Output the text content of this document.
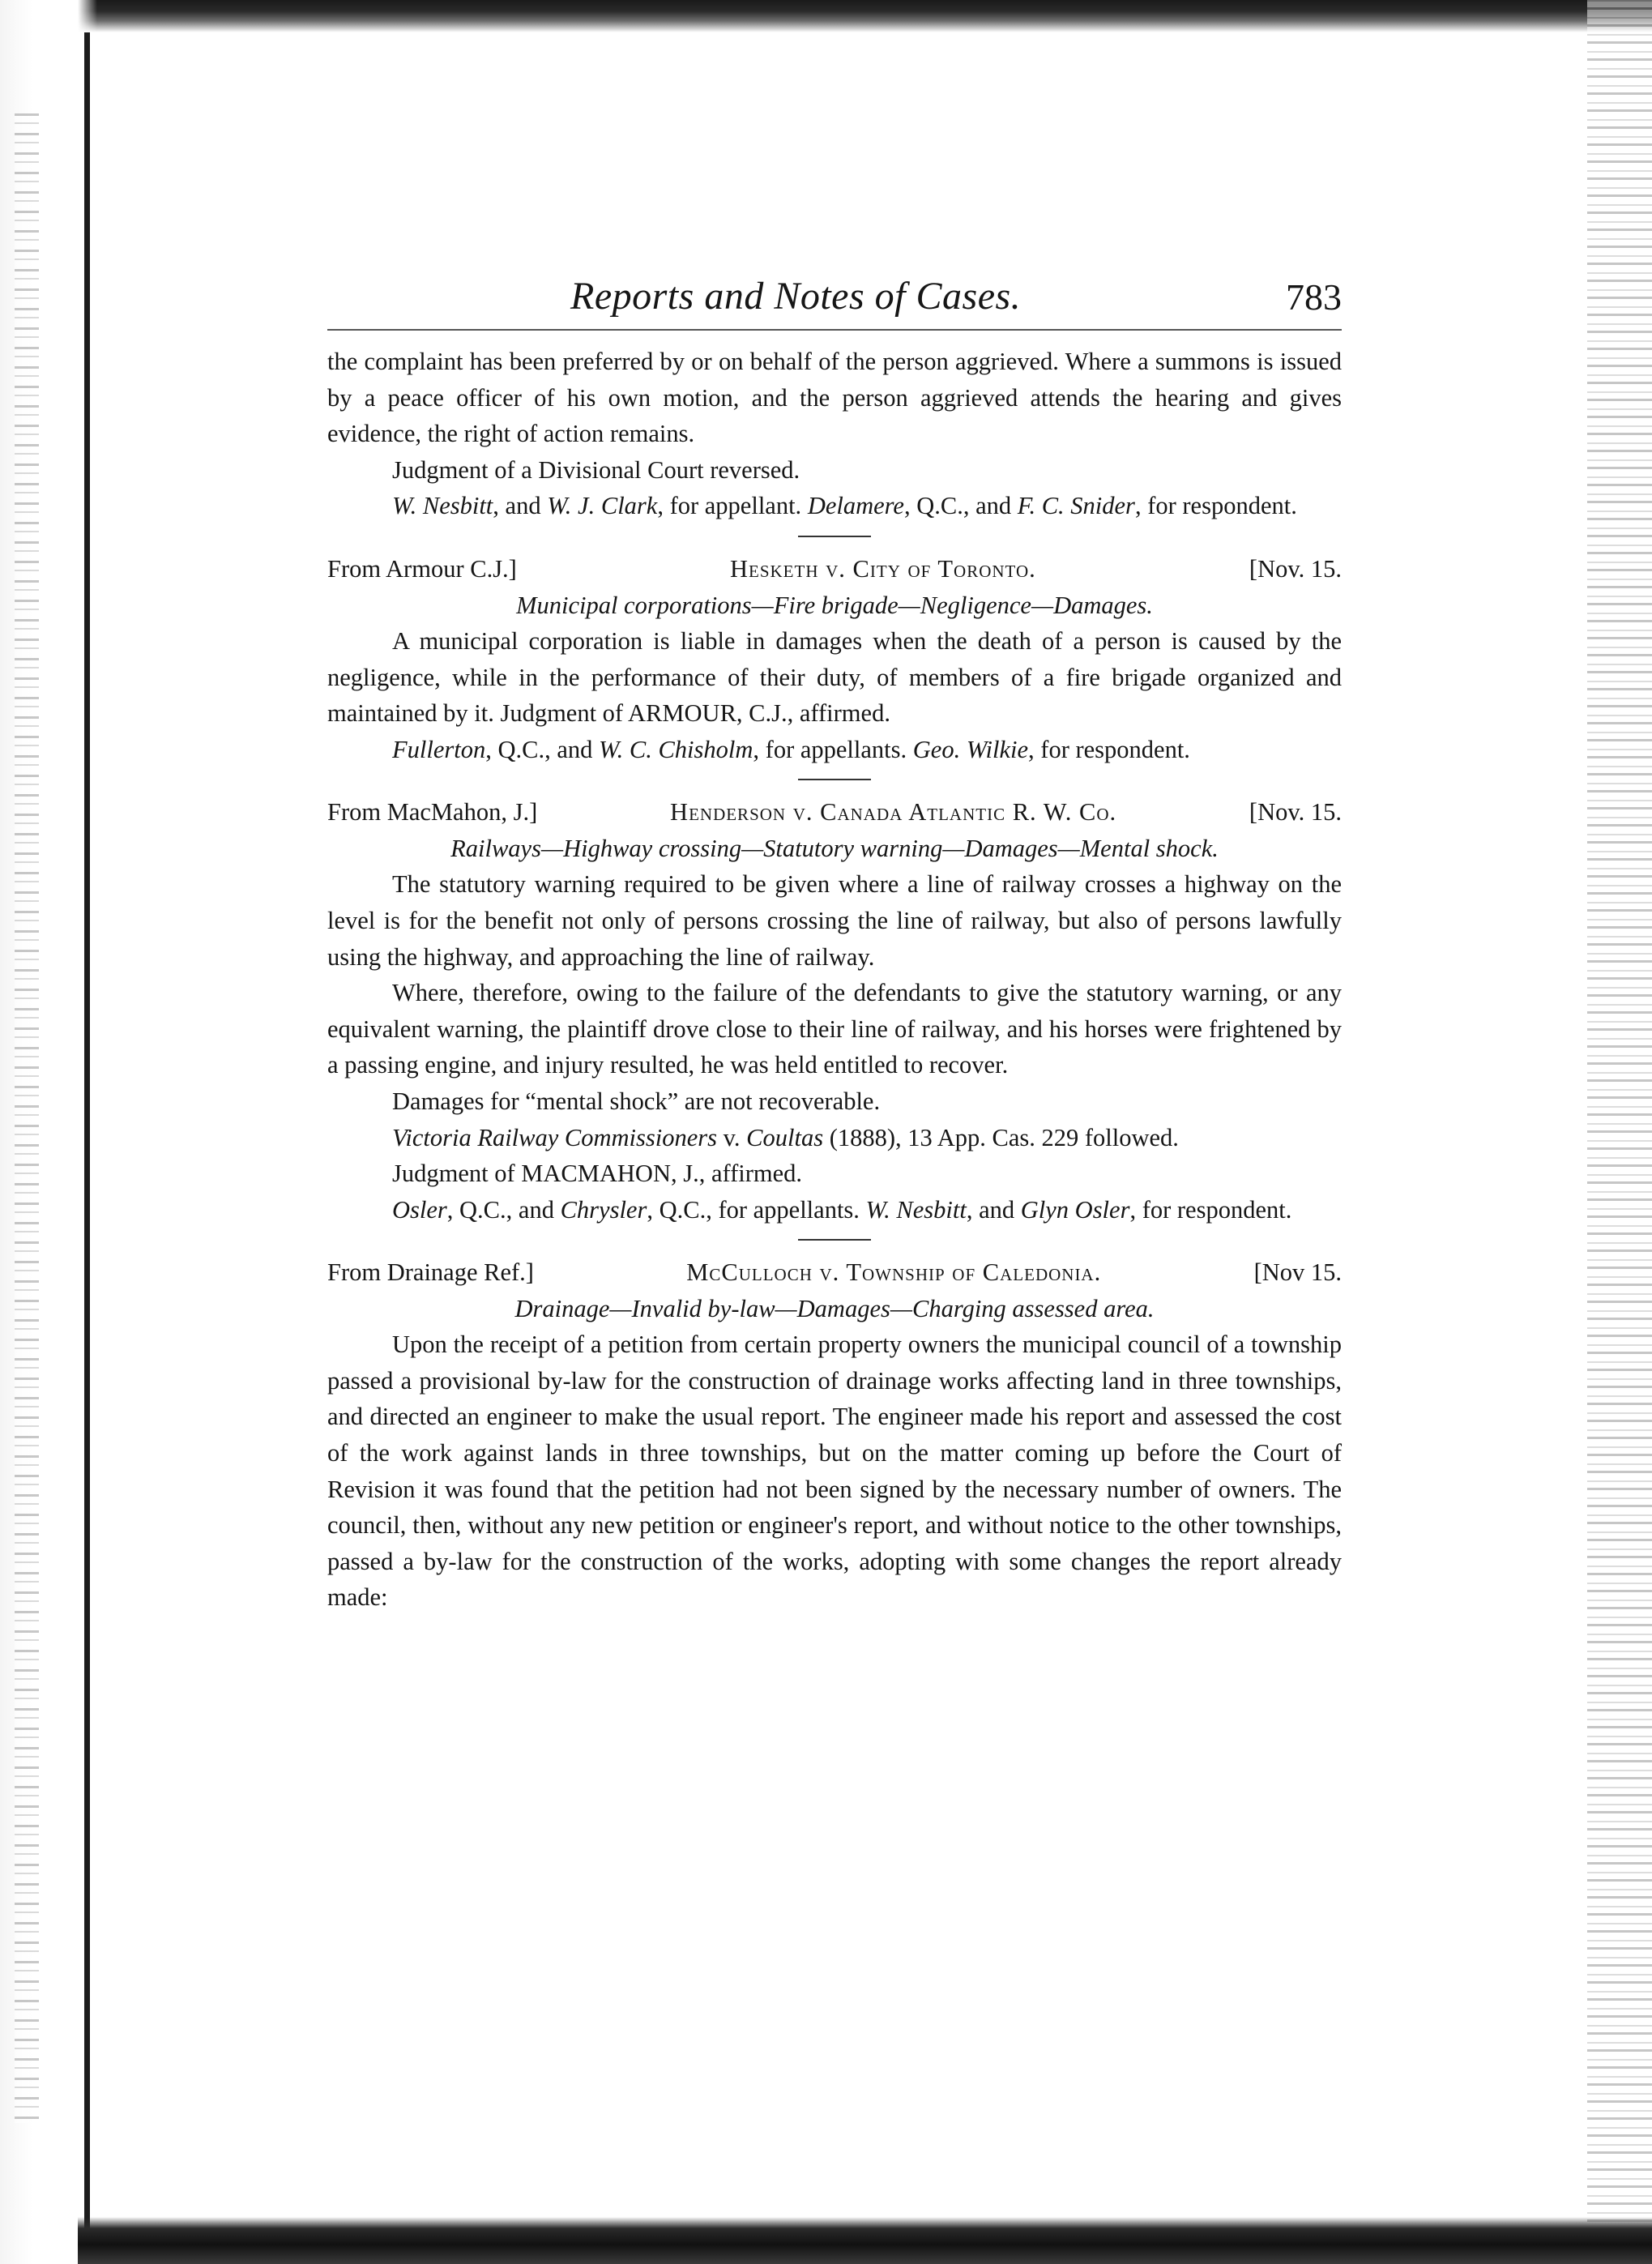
Reports and Notes of Cases.	783

the complaint has been preferred by or on behalf of the person aggrieved. Where a summons is issued by a peace officer of his own motion, and the person aggrieved attends the hearing and gives evidence, the right of action remains.

Judgment of a Divisional Court reversed.

W. Nesbitt, and W. J. Clark, for appellant. Delamere, Q.C., and F. C. Snider, for respondent.

From Armour C.J.]	Hesketh v. City of Toronto.	[Nov. 15.
Municipal corporations—Fire brigade—Negligence—Damages.

A municipal corporation is liable in damages when the death of a person is caused by the negligence, while in the performance of their duty, of members of a fire brigade organized and maintained by it. Judgment of ARMOUR, C.J., affirmed.

Fullerton, Q.C., and W. C. Chisholm, for appellants. Geo. Wilkie, for respondent.

From MacMahon, J.]	Henderson v. Canada Atlantic R. W. Co.	[Nov. 15.
Railways—Highway crossing—Statutory warning—Damages—Mental shock.

The statutory warning required to be given where a line of railway crosses a highway on the level is for the benefit not only of persons crossing the line of railway, but also of persons lawfully using the highway, and approaching the line of railway.

Where, therefore, owing to the failure of the defendants to give the statutory warning, or any equivalent warning, the plaintiff drove close to their line of railway, and his horses were frightened by a passing engine, and injury resulted, he was held entitled to recover.

Damages for “mental shock” are not recoverable.

Victoria Railway Commissioners v. Coultas (1888), 13 App. Cas. 229 followed.

Judgment of MACMAHON, J., affirmed.

Osler, Q.C., and Chrysler, Q.C., for appellants. W. Nesbitt, and Glyn Osler, for respondent.

From Drainage Ref.]	McCulloch v. Township of Caledonia.	[Nov 15.
Drainage—Invalid by-law—Damages—Charging assessed area.

Upon the receipt of a petition from certain property owners the municipal council of a township passed a provisional by-law for the construction of drainage works affecting land in three townships, and directed an engineer to make the usual report. The engineer made his report and assessed the cost of the work against lands in three townships, but on the matter coming up before the Court of Revision it was found that the petition had not been signed by the necessary number of owners. The council, then, without any new petition or engineer's report, and without notice to the other townships, passed a by-law for the construction of the works, adopting with some changes the report already made:
